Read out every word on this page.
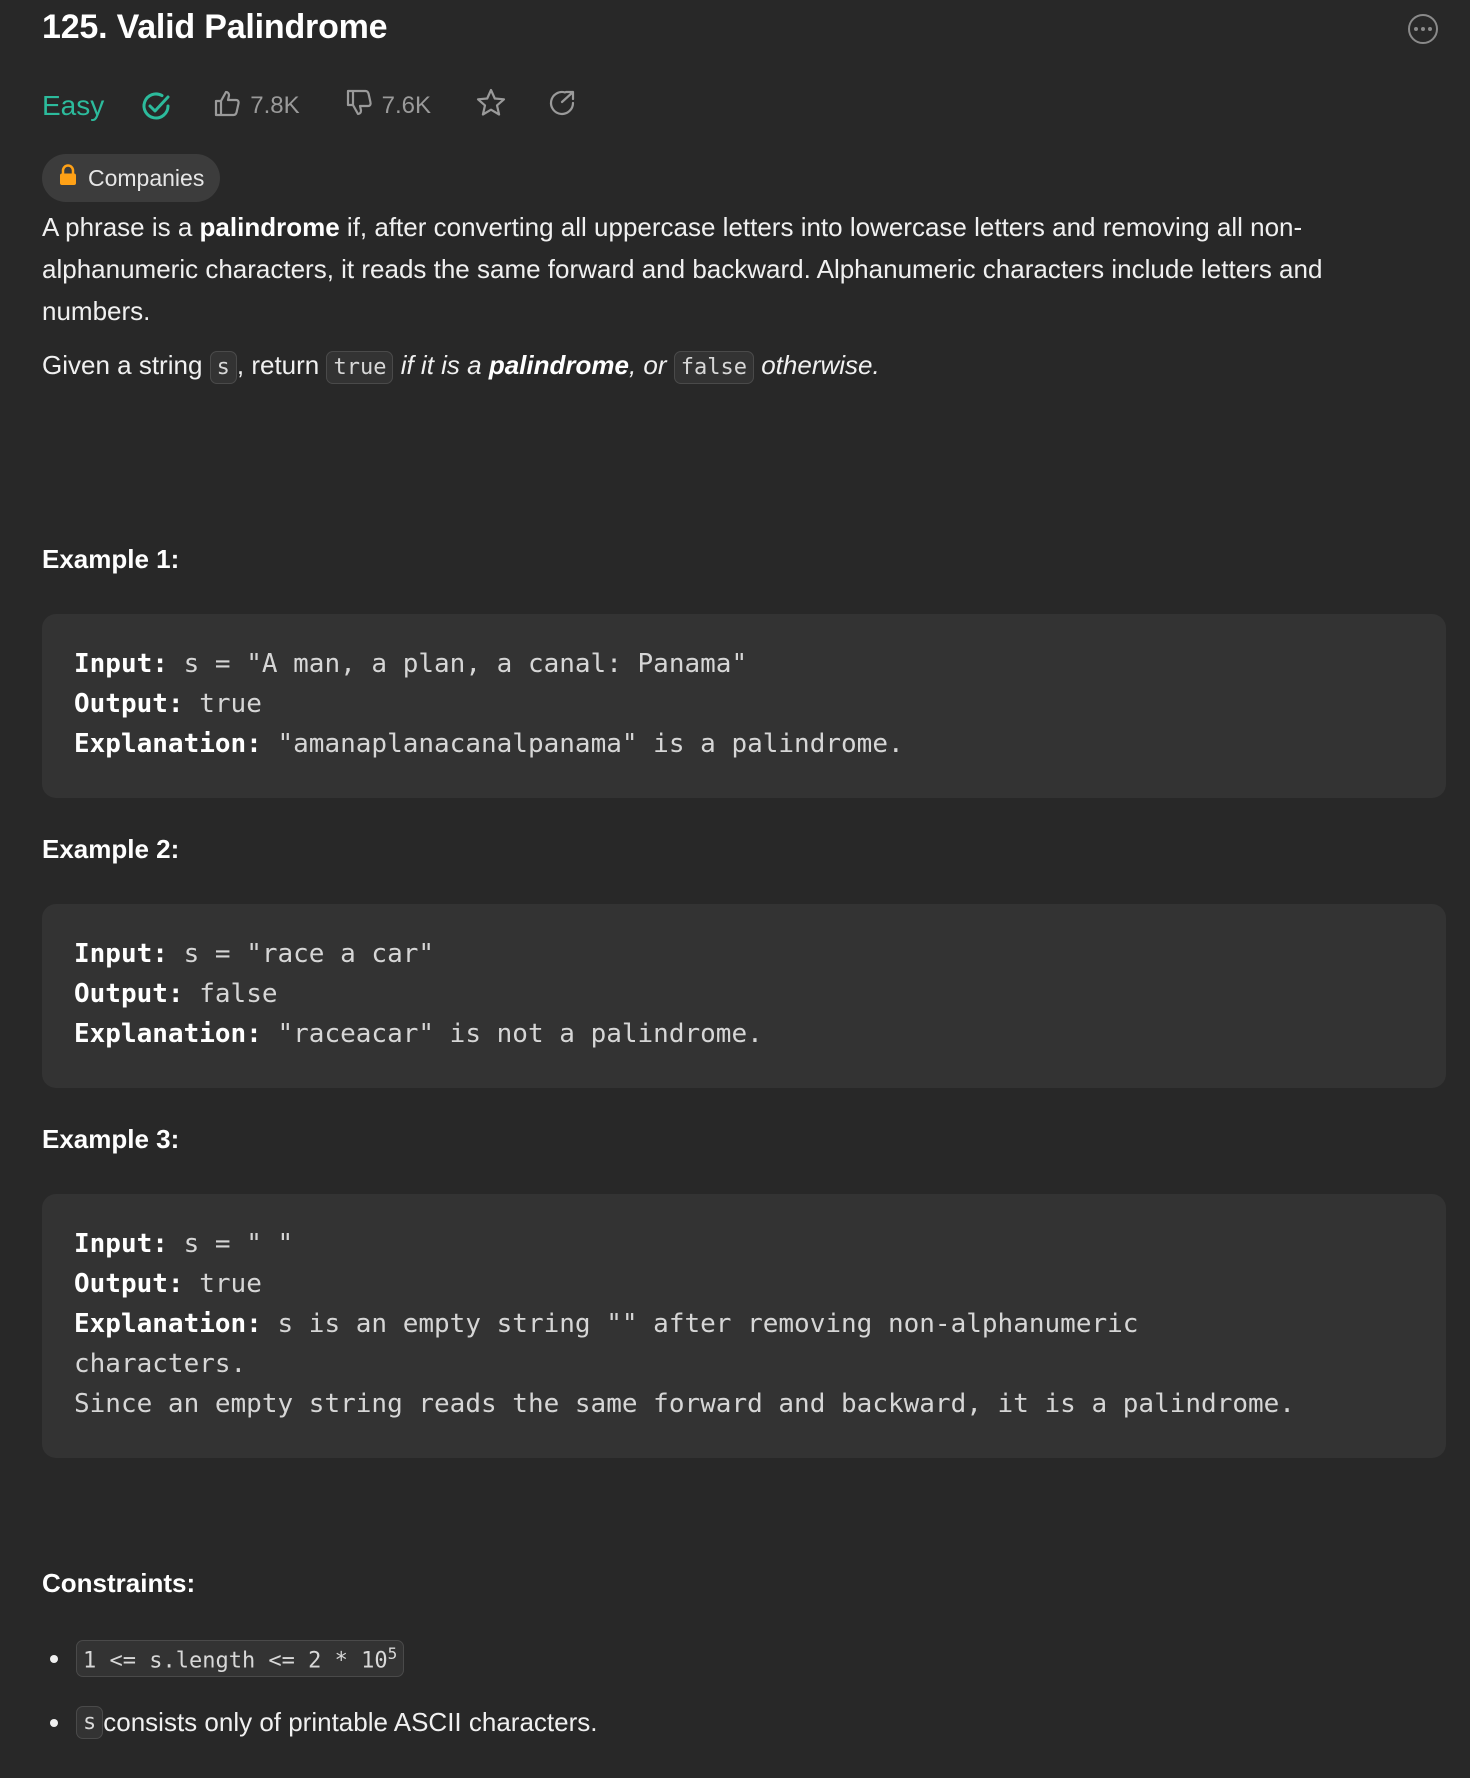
125. Valid Palindrome
Easy	7.8K	7.6K
Companies
A phrase is a palindrome if, after converting all uppercase letters into lowercase letters and removing all non-alphanumeric characters, it reads the same forward and backward. Alphanumeric characters include letters and numbers.
Given a string s , return true if it is a palindrome, or false otherwise.
Example 1:
Input: s = "A man, a plan, a canal: Panama"
Output: true
Explanation: "amanaplanacanalpanama" is a palindrome.
Example 2:
Input: s = "race a car"
Output: false
Explanation: "raceacar" is not a palindrome.
Example 3:
Input: s = " "
Output: true
Explanation: s is an empty string "" after removing non-alphanumeric
characters.
Since an empty string reads the same forward and backward, it is a palindrome.
Constraints:
1 <= s.length <= $2 * 10^5$
s consists only of printable ASCII characters.
